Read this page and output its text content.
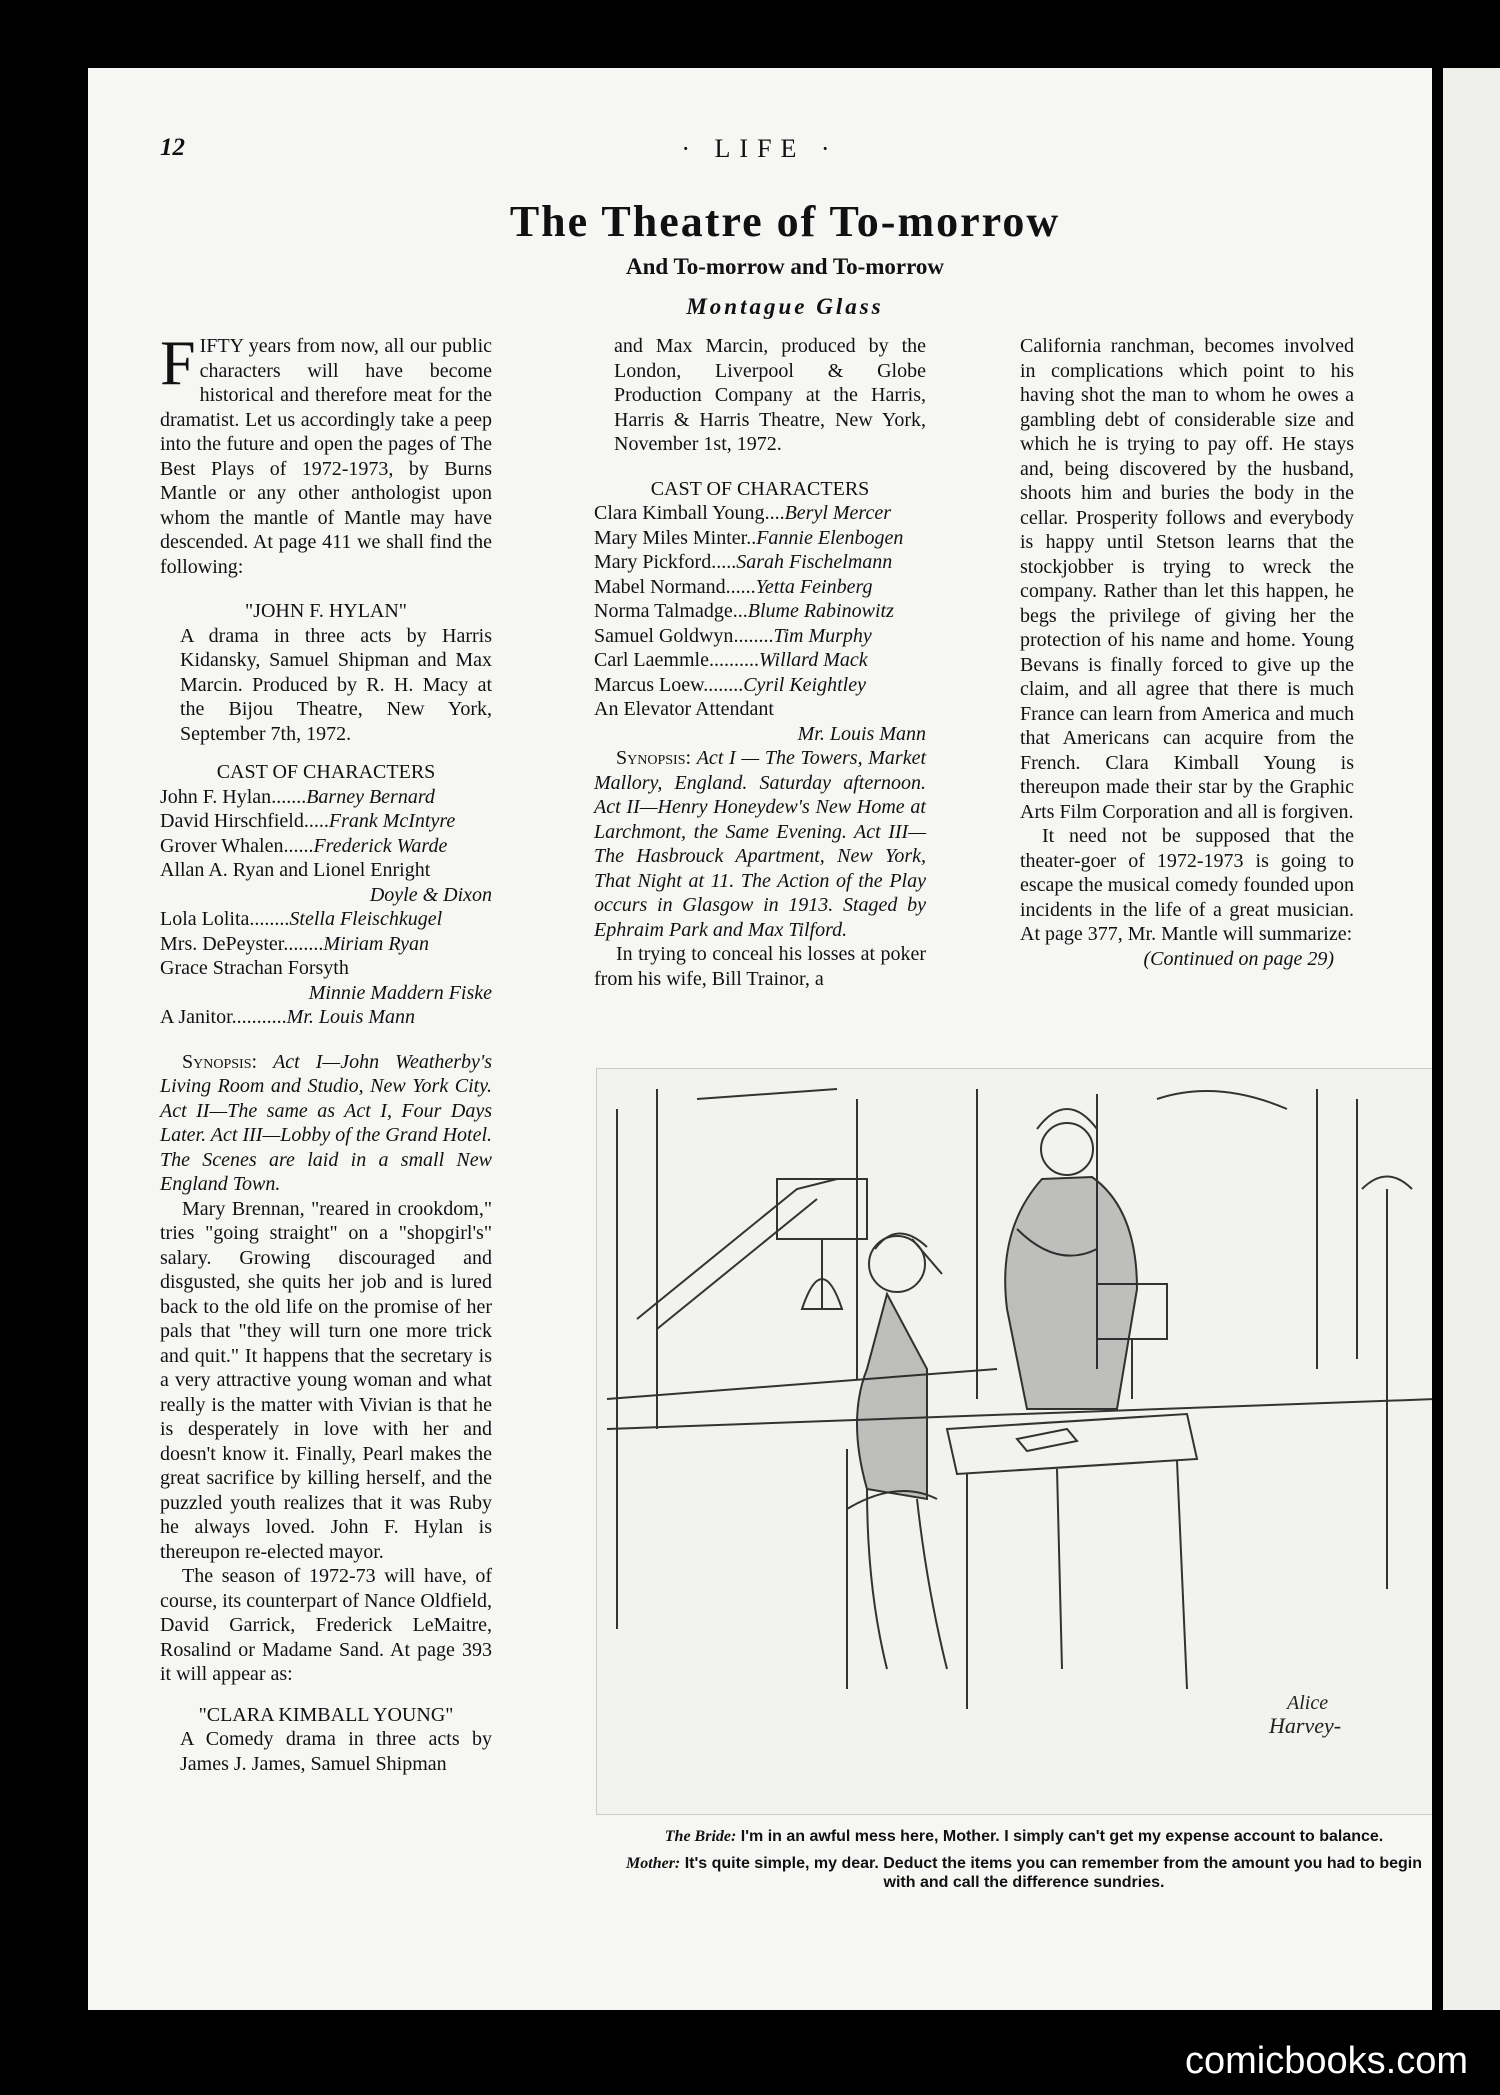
12	· LIFE ·
The Theatre of To-morrow
And To-morrow and To-morrow
Montague Glass

FIFTY years from now, all our public characters will have become historical and therefore meat for the dramatist. Let us accordingly take a peep into the future and open the pages of The Best Plays of 1972-1973, by Burns Mantle or any other anthologist upon whom the mantle of Mantle may have descended. At page 411 we shall find the following:

"JOHN F. HYLAN"

A drama in three acts by Harris Kidansky, Samuel Shipman and Max Marcin. Produced by R. H. Macy at the Bijou Theatre, New York, September 7th, 1972.

CAST OF CHARACTERS

John F. Hylan.......Barney Bernard
David Hirschfield.....Frank McIntyre
Grover Whalen......Frederick Warde
Allan A. Ryan and Lionel Enright
Doyle & Dixon
Lola Lolita........Stella Fleischkugel
Mrs. DePeyster........Miriam Ryan
Grace Strachan Forsyth
Minnie Maddern Fiske
A Janitor...........Mr. Louis Mann

Synopsis: Act I—John Weatherby's Living Room and Studio, New York City. Act II—The same as Act I, Four Days Later. Act III—Lobby of the Grand Hotel. The Scenes are laid in a small New England Town.

Mary Brennan, "reared in crookdom," tries "going straight" on a "shopgirl's" salary. Growing discouraged and disgusted, she quits her job and is lured back to the old life on the promise of her pals that "they will turn one more trick and quit." It happens that the secretary is a very attractive young woman and what really is the matter with Vivian is that he is desperately in love with her and doesn't know it. Finally, Pearl makes the great sacrifice by killing herself, and the puzzled youth realizes that it was Ruby he always loved. John F. Hylan is thereupon re-elected mayor.

The season of 1972-73 will have, of course, its counterpart of Nance Oldfield, David Garrick, Frederick LeMaitre, Rosalind or Madame Sand. At page 393 it will appear as:

"CLARA KIMBALL YOUNG"

A Comedy drama in three acts by James J. James, Samuel Shipman

and Max Marcin, produced by the London, Liverpool & Globe Production Company at the Harris, Harris & Harris Theatre, New York, November 1st, 1972.

CAST OF CHARACTERS

Clara Kimball Young....Beryl Mercer
Mary Miles Minter..Fannie Elenbogen
Mary Pickford.....Sarah Fischelmann
Mabel Normand......Yetta Feinberg
Norma Talmadge...Blume Rabinowitz
Samuel Goldwyn........Tim Murphy
Carl Laemmle..........Willard Mack
Marcus Loew........Cyril Keightley
An Elevator Attendant
Mr. Louis Mann

Synopsis: Act I — The Towers, Market Mallory, England. Saturday afternoon. Act II—Henry Honeydew's New Home at Larchmont, the Same Evening. Act III—The Hasbrouck Apartment, New York, That Night at 11. The Action of the Play occurs in Glasgow in 1913. Staged by Ephraim Park and Max Tilford.

In trying to conceal his losses at poker from his wife, Bill Trainor, a

California ranchman, becomes involved in complications which point to his having shot the man to whom he owes a gambling debt of considerable size and which he is trying to pay off. He stays and, being discovered by the husband, shoots him and buries the body in the cellar. Prosperity follows and everybody is happy until Stetson learns that the stockjobber is trying to wreck the company. Rather than let this happen, he begs the privilege of giving her the protection of his name and home. Young Bevans is finally forced to give up the claim, and all agree that there is much France can learn from America and much that Americans can acquire from the French. Clara Kimball Young is thereupon made their star by the Graphic Arts Film Corporation and all is forgiven.

It need not be supposed that the theater-goer of 1972-1973 is going to escape the musical comedy founded upon incidents in the life of a great musician. At page 377, Mr. Mantle will summarize:

(Continued on page 29)

Alice
Harvey-

The Bride: I'm in an awful mess here, Mother. I simply can't get my expense account to balance.

Mother: It's quite simple, my dear. Deduct the items you can remember from the amount you had to begin with and call the difference sundries.

comicbooks.com
